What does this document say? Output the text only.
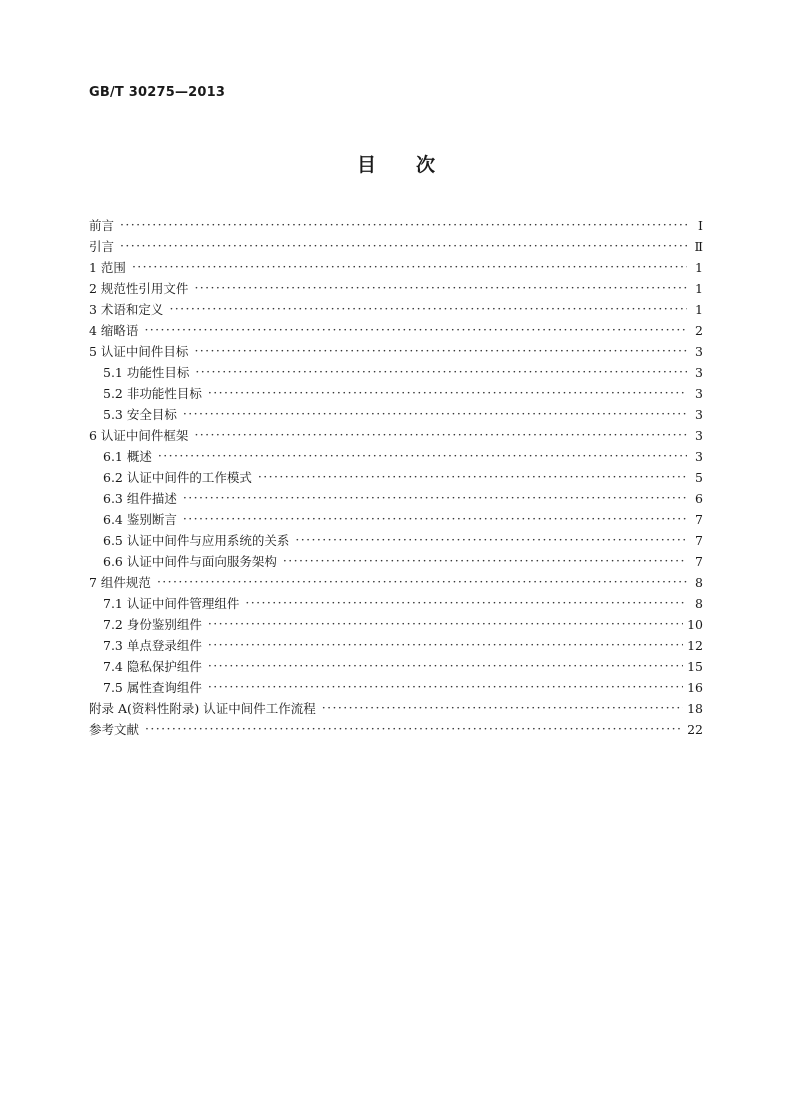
GB/T 30275—2013
目次
前言 ·····	Ⅰ
引言 ·····	Ⅱ
1 范围 ·····	1
2 规范性引用文件 ·····	1
3 术语和定义 ·····	1
4 缩略语 ·····	2
5 认证中间件目标 ·····	3
5.1 功能性目标 ·····	3
5.2 非功能性目标 ·····	3
5.3 安全目标 ·····	3
6 认证中间件框架 ·····	3
6.1 概述 ·····	3
6.2 认证中间件的工作模式 ·····	5
6.3 组件描述 ·····	6
6.4 鉴别断言 ·····	7
6.5 认证中间件与应用系统的关系 ·····	7
6.6 认证中间件与面向服务架构 ·····	7
7 组件规范 ·····	8
7.1 认证中间件管理组件 ·····	8
7.2 身份鉴别组件 ·····	10
7.3 单点登录组件 ·····	12
7.4 隐私保护组件 ·····	15
7.5 属性查询组件 ·····	16
附录 A(资料性附录) 认证中间件工作流程 ·····	18
参考文献 ·····	22
